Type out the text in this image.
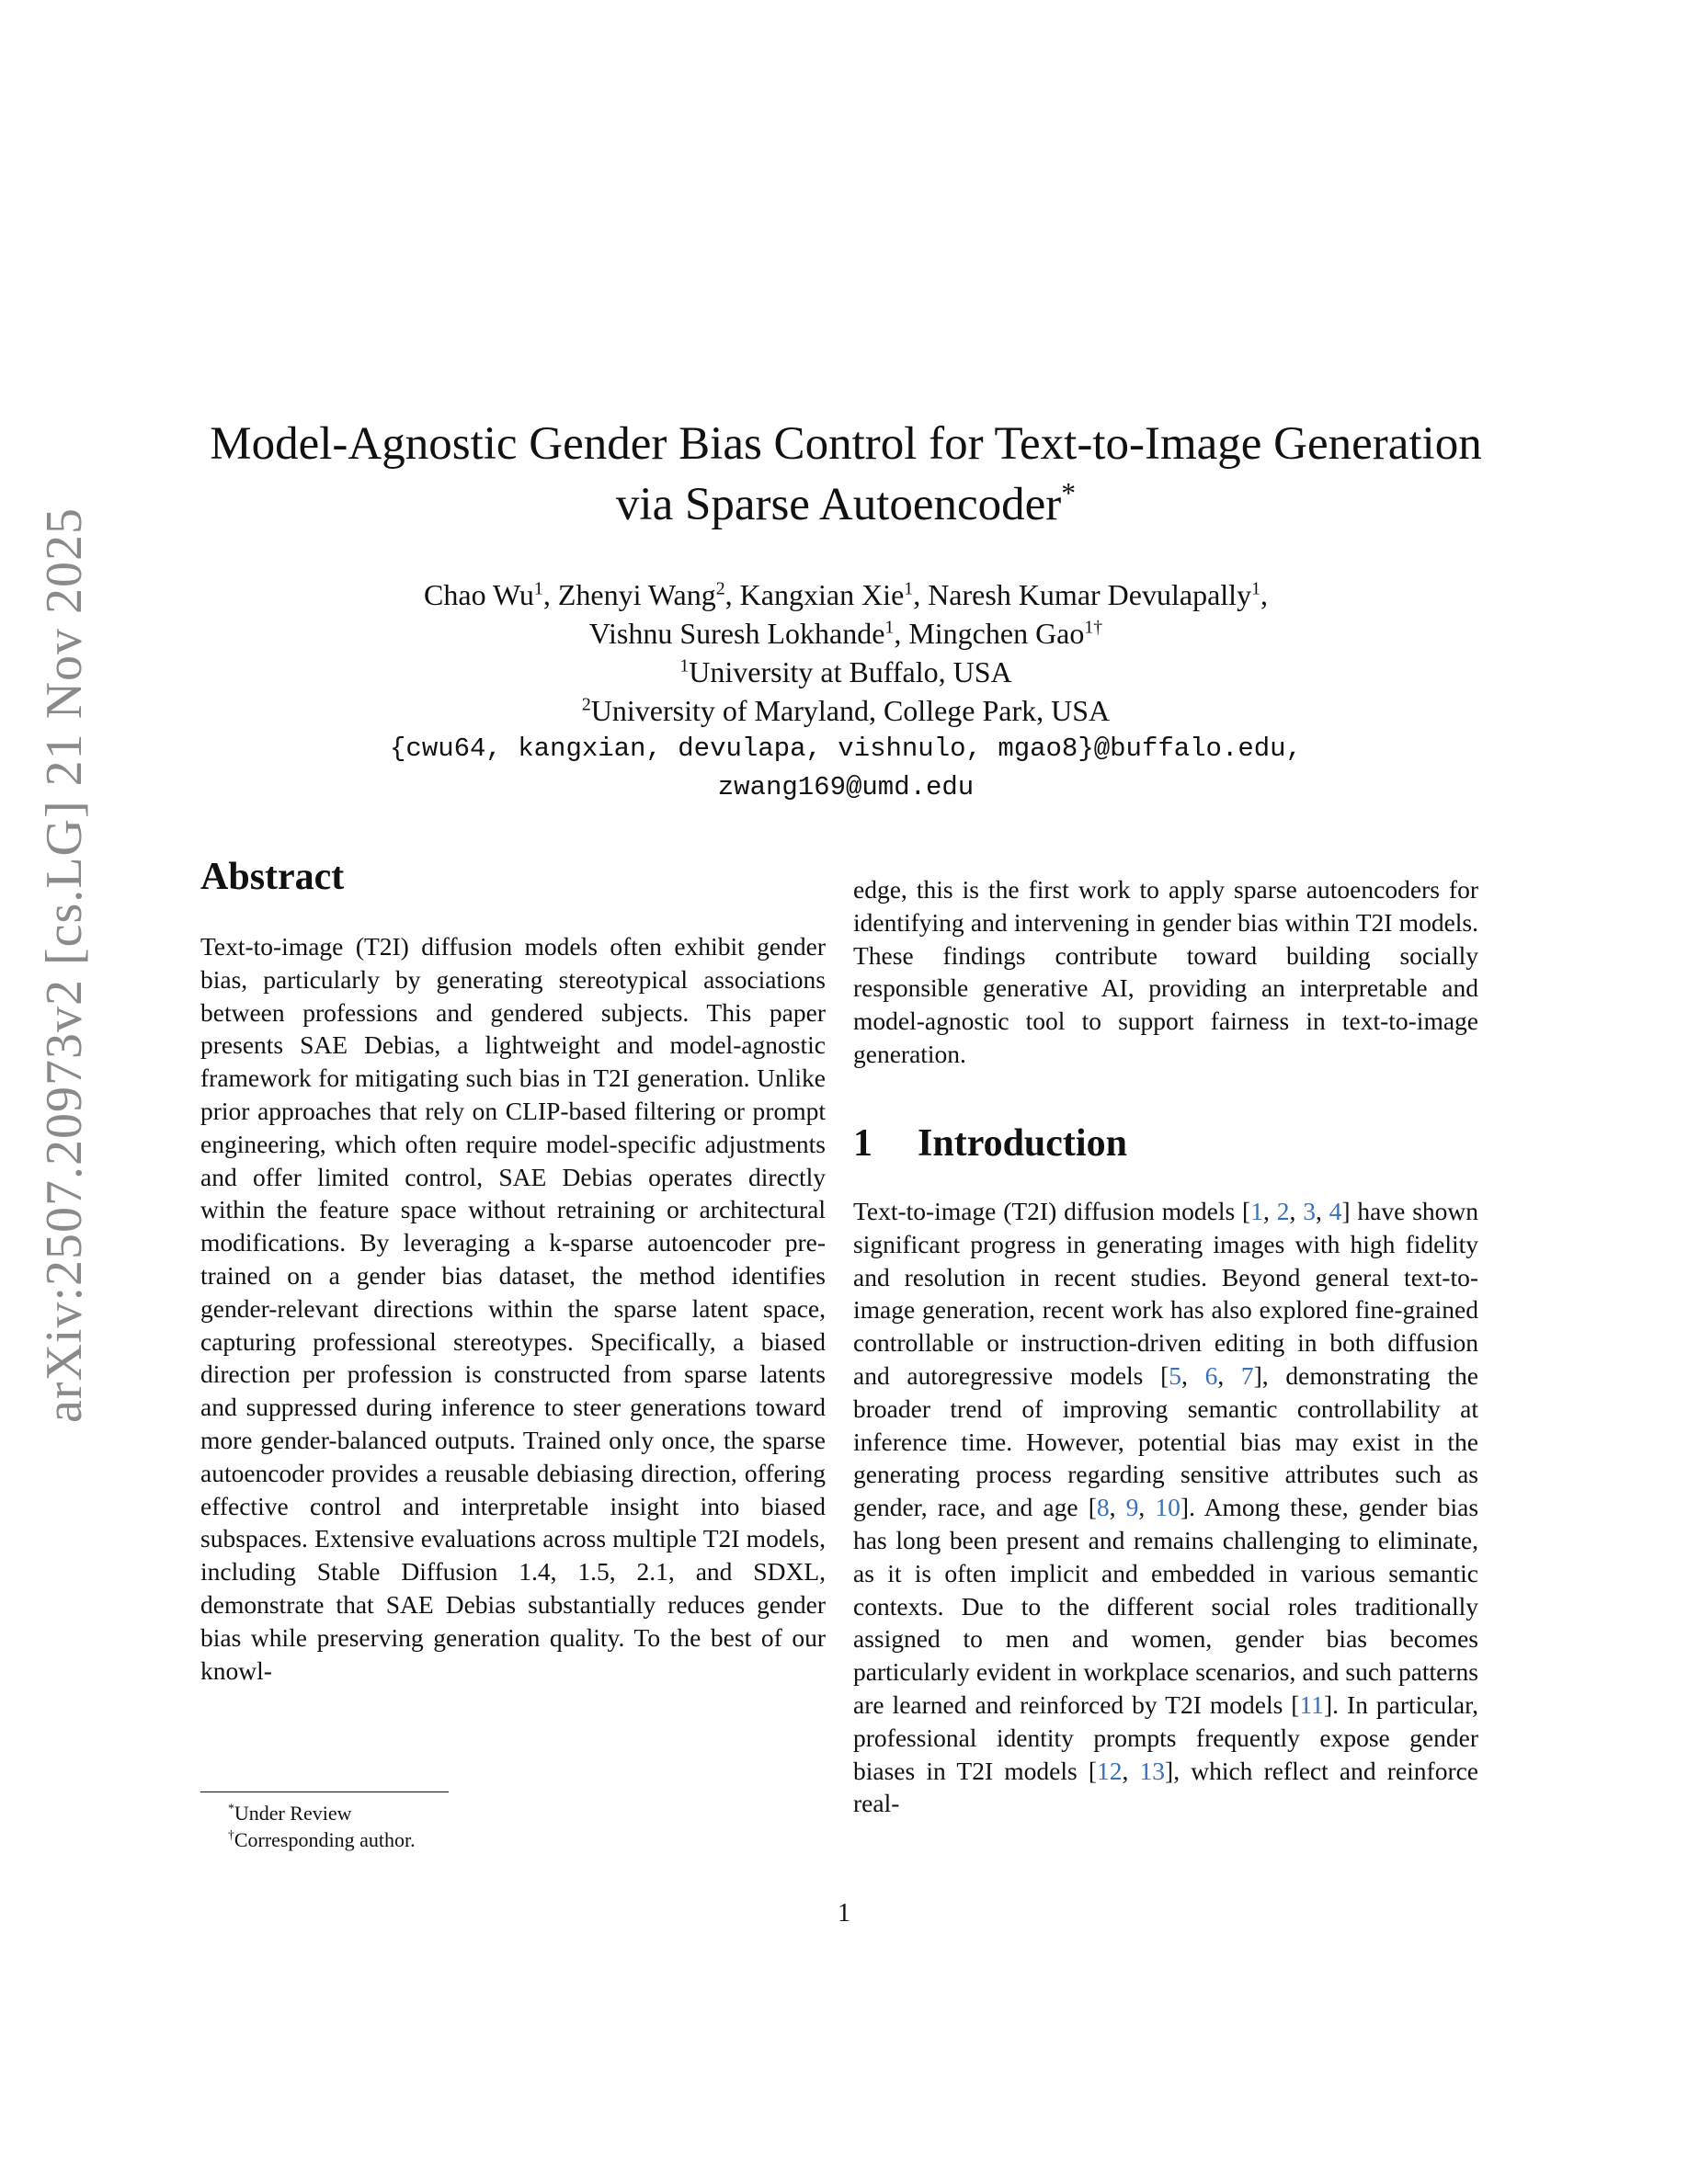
arXiv:2507.20973v2 [cs.LG] 21 Nov 2025
Model-Agnostic Gender Bias Control for Text-to-Image Generation
via Sparse Autoencoder*
Chao Wu$^1$, Zhenyi Wang$^2$, Kangxian Xie$^1$, Naresh Kumar Devulapally$^1$,
Vishnu Suresh Lokhande$^1$, Mingchen Gao$^{1\dagger}$
$^1$University at Buffalo, USA
$^2$University of Maryland, College Park, USA
{cwu64, kangxian, devulapa, vishnulo, mgao8}@buffalo.edu,
zwang169@umd.edu
Abstract

Text-to-image (T2I) diffusion models often exhibit gender bias, particularly by generating stereotypical associations between professions and gendered subjects. This paper presents SAE Debias, a lightweight and model-agnostic framework for mitigating such bias in T2I generation. Unlike prior approaches that rely on CLIP-based filtering or prompt engineering, which often require model-specific adjustments and offer limited control, SAE Debias operates directly within the feature space without retraining or architectural modifications. By leveraging a k-sparse autoencoder pre-trained on a gender bias dataset, the method identifies gender-relevant directions within the sparse latent space, capturing professional stereotypes. Specifically, a biased direction per profession is constructed from sparse latents and suppressed during inference to steer generations toward more gender-balanced outputs. Trained only once, the sparse autoencoder provides a reusable debiasing direction, offering effective control and interpretable insight into biased subspaces. Extensive evaluations across multiple T2I models, including Stable Diffusion 1.4, 1.5, 2.1, and SDXL, demonstrate that SAE Debias substantially reduces gender bias while preserving generation quality. To the best of our knowl-

edge, this is the first work to apply sparse autoencoders for identifying and intervening in gender bias within T2I models. These findings contribute toward building socially responsible generative AI, providing an interpretable and model-agnostic tool to support fairness in text-to-image generation.

1 Introduction

Text-to-image (T2I) diffusion models [1, 2, 3, 4] have shown significant progress in generating images with high fidelity and resolution in recent studies. Beyond general text-to-image generation, recent work has also explored fine-grained controllable or instruction-driven editing in both diffusion and autoregressive models [5, 6, 7], demonstrating the broader trend of improving semantic controllability at inference time. However, potential bias may exist in the generating process regarding sensitive attributes such as gender, race, and age [8, 9, 10]. Among these, gender bias has long been present and remains challenging to eliminate, as it is often implicit and embedded in various semantic contexts. Due to the different social roles traditionally assigned to men and women, gender bias becomes particularly evident in workplace scenarios, and such patterns are learned and reinforced by T2I models [11]. In particular, professional identity prompts frequently expose gender biases in T2I models [12, 13], which reflect and reinforce real-

*Under Review
†Corresponding author.
1
